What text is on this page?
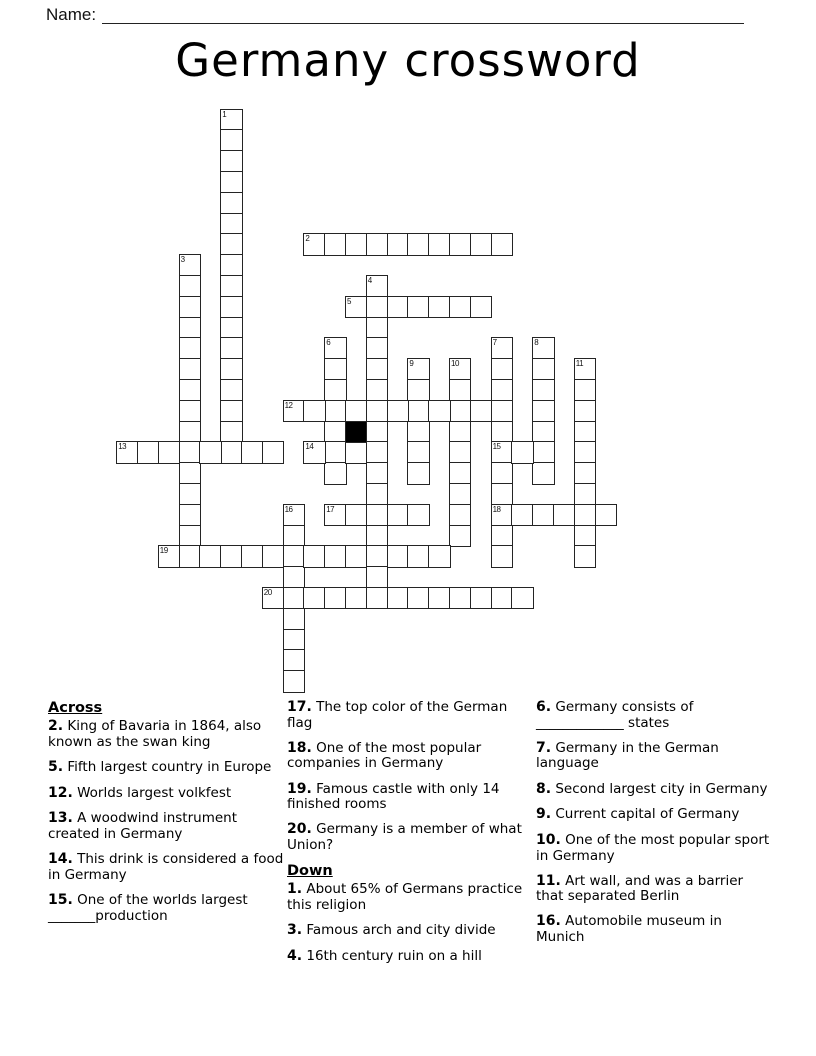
Name:
Germany crossword
1
2
3
4
5
6	7
15
18
8
9	10	11
12
13	14
16	17
19
20
Across

2. King of Bavaria in 1864, also known as the swan king

5. Fifth largest country in Europe

12. Worlds largest volkfest

13. A woodwind instrument created in Germany

14. This drink is considered a food in Germany

15. One of the worlds largest _______production

17. The top color of the German flag

18. One of the most popular companies in Germany

19. Famous castle with only 14 finished rooms

20. Germany is a member of what Union?

Down

1. About 65% of Germans practice this religion

3. Famous arch and city divide

4. 16th century ruin on a hill

6. Germany consists of _____________ states

7. Germany in the German language

8. Second largest city in Germany

9. Current capital of Germany

10. One of the most popular sport in Germany

11. Art wall, and was a barrier that separated Berlin

16. Automobile museum in Munich
